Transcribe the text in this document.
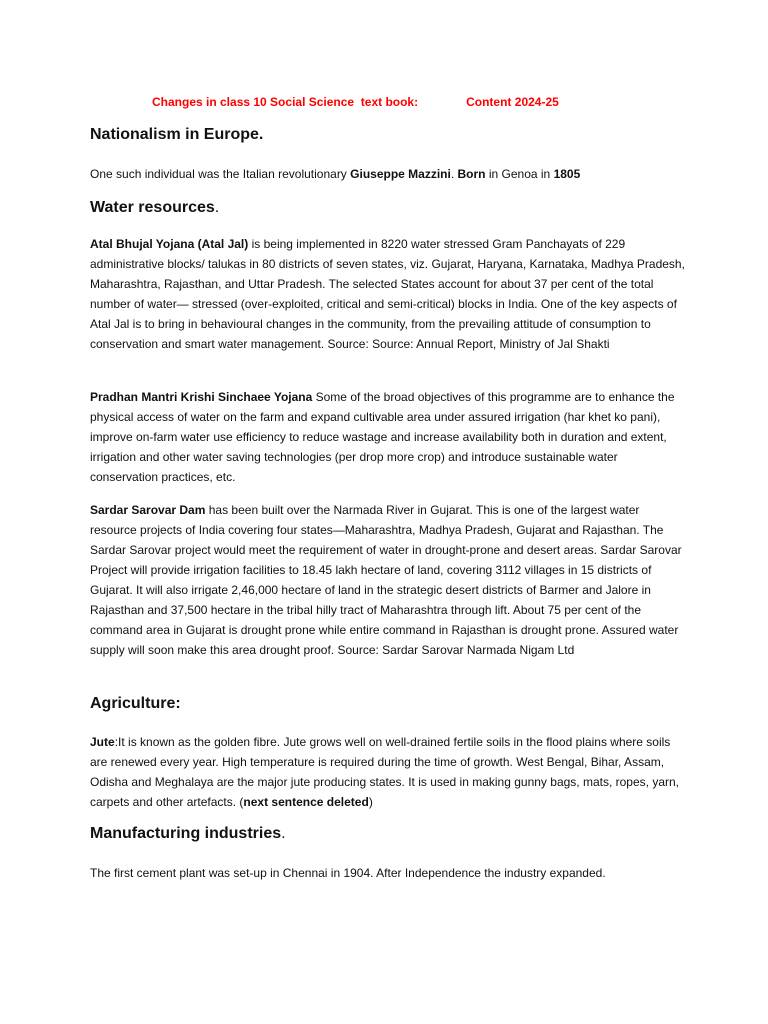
Changes in class 10 Social Science  text book:	Content 2024-25
Nationalism in Europe.

One such individual was the Italian revolutionary Giuseppe Mazzini. Born in Genoa in 1805

Water resources.

Atal Bhujal Yojana (Atal Jal) is being implemented in 8220 water stressed Gram Panchayats of 229 administrative blocks/ talukas in 80 districts of seven states, viz. Gujarat, Haryana, Karnataka, Madhya Pradesh, Maharashtra, Rajasthan, and Uttar Pradesh. The selected States account for about 37 per cent of the total number of water— stressed (over-exploited, critical and semi-critical) blocks in India. One of the key aspects of Atal Jal is to bring in behavioural changes in the community, from the prevailing attitude of consumption to conservation and smart water management. Source: Source: Annual Report, Ministry of Jal Shakti

Pradhan Mantri Krishi Sinchaee Yojana Some of the broad objectives of this programme are to enhance the physical access of water on the farm and expand cultivable area under assured irrigation (har khet ko pani), improve on-farm water use efficiency to reduce wastage and increase availability both in duration and extent, irrigation and other water saving technologies (per drop more crop) and introduce sustainable water conservation practices, etc.

Sardar Sarovar Dam has been built over the Narmada River in Gujarat. This is one of the largest water resource projects of India covering four states—Maharashtra, Madhya Pradesh, Gujarat and Rajasthan. The Sardar Sarovar project would meet the requirement of water in drought-prone and desert areas. Sardar Sarovar Project will provide irrigation facilities to 18.45 lakh hectare of land, covering 3112 villages in 15 districts of Gujarat. It will also irrigate 2,46,000 hectare of land in the strategic desert districts of Barmer and Jalore in Rajasthan and 37,500 hectare in the tribal hilly tract of Maharashtra through lift. About 75 per cent of the command area in Gujarat is drought prone while entire command in Rajasthan is drought prone. Assured water supply will soon make this area drought proof. Source: Sardar Sarovar Narmada Nigam Ltd

Agriculture:

Jute:It is known as the golden fibre. Jute grows well on well-drained fertile soils in the flood plains where soils are renewed every year. High temperature is required during the time of growth. West Bengal, Bihar, Assam, Odisha and Meghalaya are the major jute producing states. It is used in making gunny bags, mats, ropes, yarn, carpets and other artefacts. (next sentence deleted)

Manufacturing industries.

The first cement plant was set-up in Chennai in 1904. After Independence the industry expanded.
